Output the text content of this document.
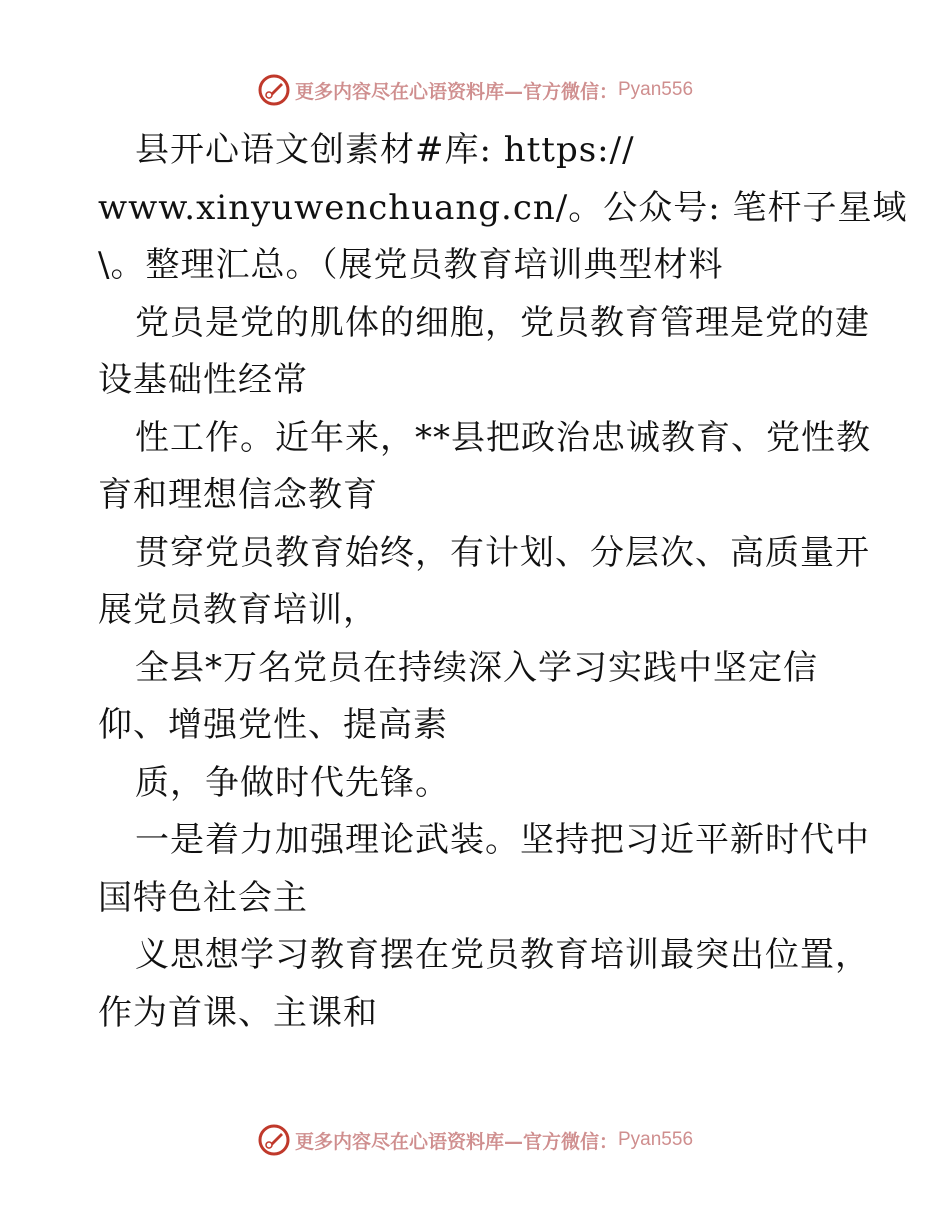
更多内容尽在心语资料库—官方微信： Pyan556
县开心语文创素材#库: https://
www.xinyuwenchuang.cn/。公众号: 笔杆子星域
\。整理汇总。（展党员教育培训典型材料
党员是党的肌体的细胞，党员教育管理是党的建
设基础性经常
性工作。近年来，**县把政治忠诚教育、党性教
育和理想信念教育
贯穿党员教育始终，有计划、分层次、高质量开
展党员教育培训，
全县*万名党员在持续深入学习实践中坚定信
仰、增强党性、提高素
质，争做时代先锋。
一是着力加强理论武装。坚持把习近平新时代中
国特色社会主
义思想学习教育摆在党员教育培训最突出位置，
作为首课、主课和
更多内容尽在心语资料库—官方微信： Pyan556
